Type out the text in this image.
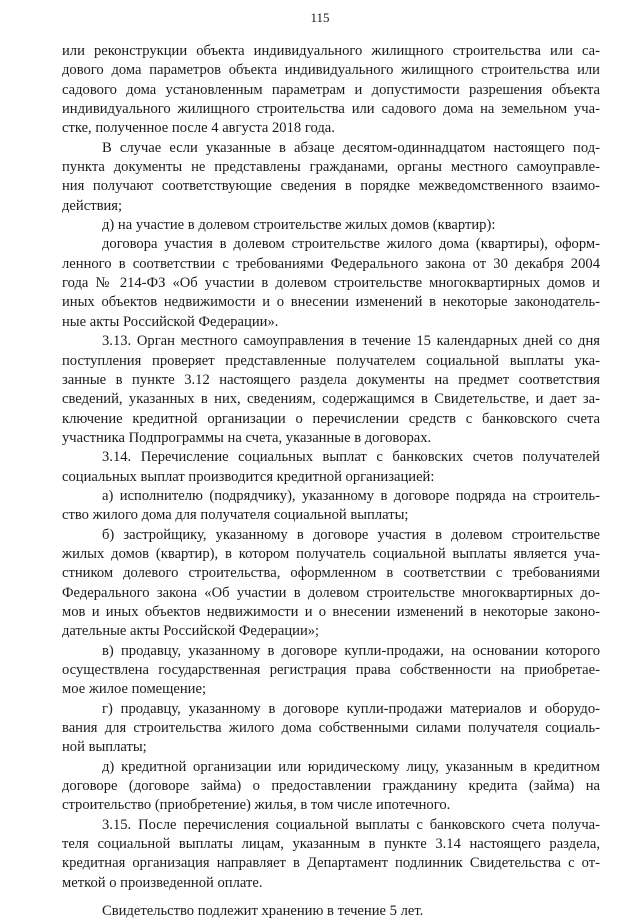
115
или реконструкции объекта индивидуального жилищного строительства или са-
дового дома параметров объекта индивидуального жилищного строительства или
садового дома установленным параметрам и допустимости разрешения объекта
индивидуального жилищного строительства или садового дома на земельном уча-
стке, полученное после 4 августа 2018 года.
В случае если указанные в абзаце десятом-одиннадцатом настоящего под-
пункта документы не представлены гражданами, органы местного самоуправле-
ния получают соответствующие сведения в порядке межведомственного взаимо-
действия;
д) на участие в долевом строительстве жилых домов (квартир):
договора участия в долевом строительстве жилого дома (квартиры), оформ-
ленного в соответствии с требованиями Федерального закона от 30 декабря 2004
года № 214-ФЗ «Об участии в долевом строительстве многоквартирных домов и
иных объектов недвижимости и о внесении изменений в некоторые законодатель-
ные акты Российской Федерации».
3.13. Орган местного самоуправления в течение 15 календарных дней со дня
поступления проверяет представленные получателем социальной выплаты ука-
занные в пункте 3.12 настоящего раздела документы на предмет соответствия
сведений, указанных в них, сведениям, содержащимся в Свидетельстве, и дает за-
ключение кредитной организации о перечислении средств с банковского счета
участника Подпрограммы на счета, указанные в договорах.
3.14. Перечисление социальных выплат с банковских счетов получателей
социальных выплат производится кредитной организацией:
а) исполнителю (подрядчику), указанному в договоре подряда на строитель-
ство жилого дома для получателя социальной выплаты;
б) застройщику, указанному в договоре участия в долевом строительстве
жилых домов (квартир), в котором получатель социальной выплаты является уча-
стником долевого строительства, оформленном в соответствии с требованиями
Федерального закона «Об участии в долевом строительстве многоквартирных до-
мов и иных объектов недвижимости и о внесении изменений в некоторые законо-
дательные акты Российской Федерации»;
в) продавцу, указанному в договоре купли-продажи, на основании которого
осуществлена государственная регистрация права собственности на приобретае-
мое жилое помещение;
г) продавцу, указанному в договоре купли-продажи материалов и оборудо-
вания для строительства жилого дома собственными силами получателя социаль-
ной выплаты;
д) кредитной организации или юридическому лицу, указанным в кредитном
договоре (договоре займа) о предоставлении гражданину кредита (займа) на
строительство (приобретение) жилья, в том числе ипотечного.
3.15. После перечисления социальной выплаты с банковского счета получа-
теля социальной выплаты лицам, указанным в пункте 3.14 настоящего раздела,
кредитная организация направляет в Департамент подлинник Свидетельства с от-
меткой о произведенной оплате.
Свидетельство подлежит хранению в течение 5 лет.
